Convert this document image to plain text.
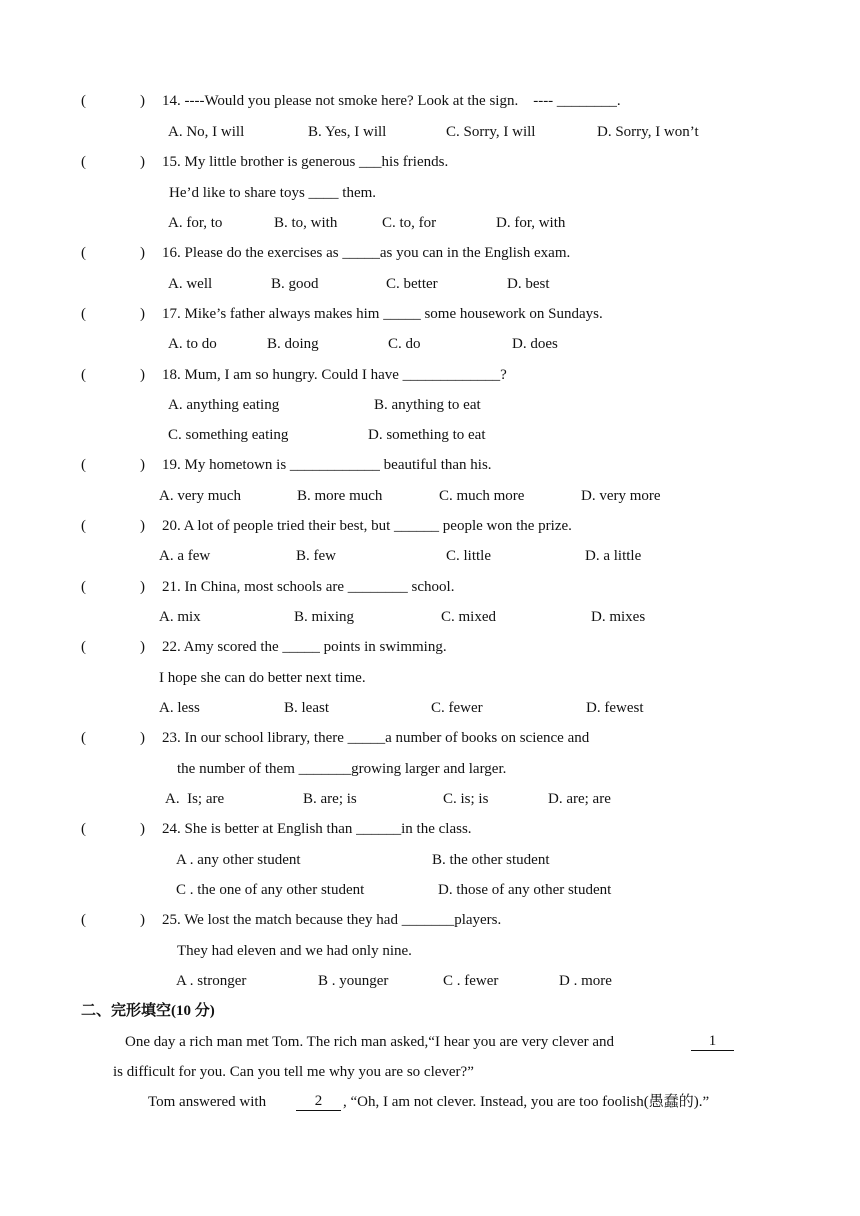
(	) 14. ----Would you please not smoke here? Look at the sign.    ---- ________.
A. No, I will	B. Yes, I will	C. Sorry, I will	D. Sorry, I won’t
(	) 15. My little brother is generous ___his friends.
He’d like to share toys ____ them.
A. for, to	B. to, with	C. to, for	D. for, with
(	) 16. Please do the exercises as _____as you can in the English exam.
A. well	B. good	C. better	D. best
(	) 17. Mike’s father always makes him _____ some housework on Sundays.
A. to do	B. doing	C. do	D. does
(	) 18. Mum, I am so hungry. Could I have _____________?
A. anything eating	B. anything to eat
C. something eating	D. something to eat
(	) 19. My hometown is ____________ beautiful than his.
A. very much	B. more much	C. much more	D. very more
(	) 20. A lot of people tried their best, but ______ people won the prize.
A. a few	B. few	C. little	D. a little
(	) 21. In China, most schools are ________ school.
A. mix	B. mixing	C. mixed	D. mixes
(	) 22. Amy scored the _____ points in swimming.
I hope she can do better next time.
A. less	B. least	C. fewer	D. fewest
(	) 23. In our school library, there _____a number of books on science and
the number of them _______growing larger and larger.
A.  Is; are	B. are; is	C. is; is	D. are; are
(	) 24. She is better at English than ______in the class.
A . any other student	B. the other student
C . the one of any other student	D. those of any other student
(	) 25. We lost the match because they had _______players.
They had eleven and we had only nine.
A . stronger	B . younger	C . fewer	D . more
二、完形填空(10 分)
One day a rich man met Tom. The rich man asked,“I hear you are very clever and	1
is difficult for you. Can you tell me why you are so clever?”
Tom answered with	2	, “Oh, I am not clever. Instead, you are too foolish(愚蠢的).”
